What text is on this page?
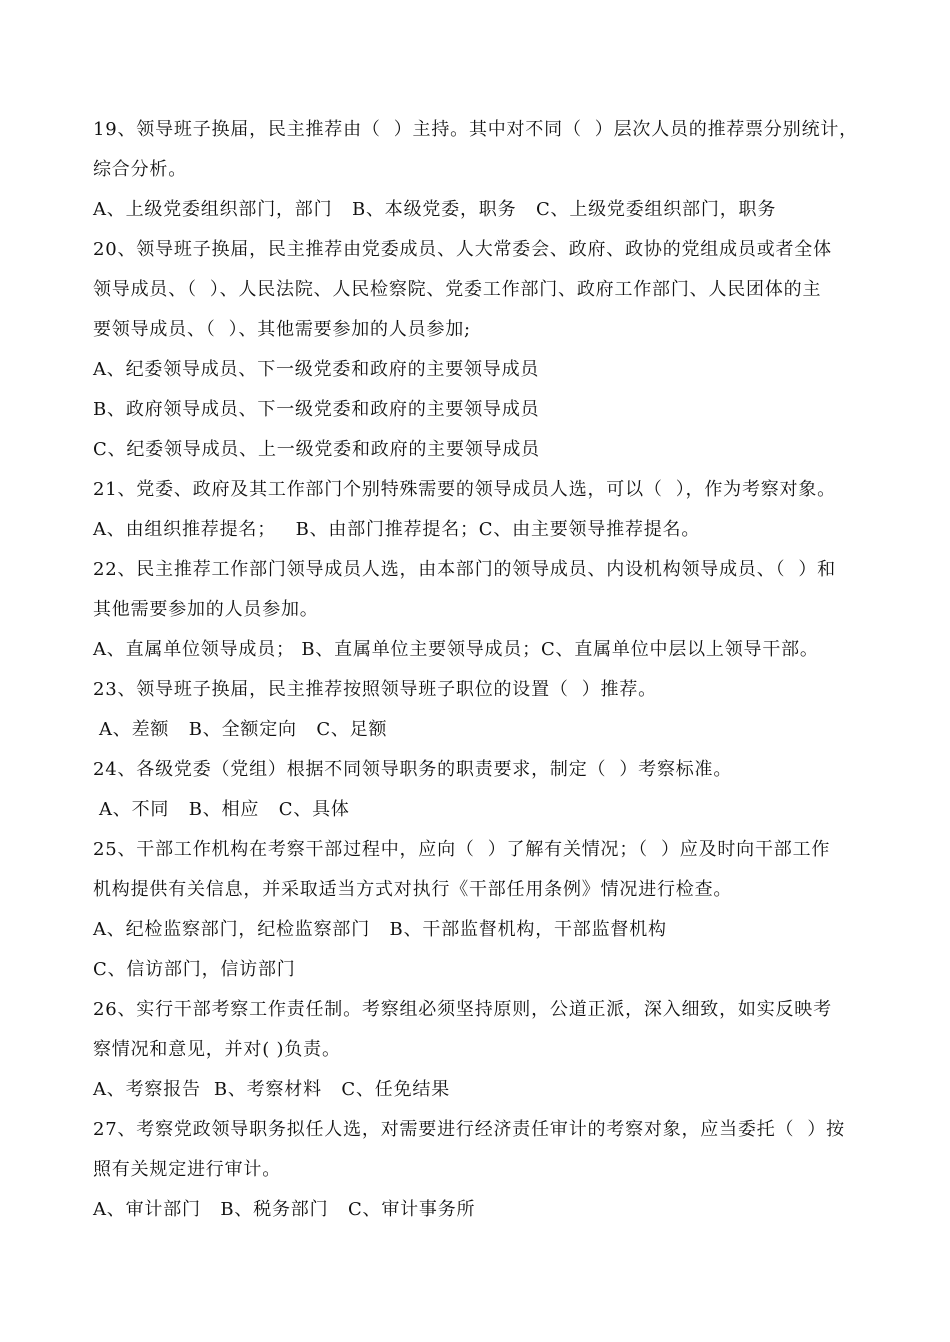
19、领导班子换届，民主推荐由（  ）主持。其中对不同（  ）层次人员的推荐票分别统计，
综合分析。
A、上级党委组织部门，部门   B、本级党委，职务   C、上级党委组织部门，职务
20、领导班子换届，民主推荐由党委成员、人大常委会、政府、政协的党组成员或者全体
领导成员、（  ）、人民法院、人民检察院、党委工作部门、政府工作部门、人民团体的主
要领导成员、（  ）、其他需要参加的人员参加;
A、纪委领导成员、下一级党委和政府的主要领导成员
B、政府领导成员、下一级党委和政府的主要领导成员
C、纪委领导成员、上一级党委和政府的主要领导成员
21、党委、政府及其工作部门个别特殊需要的领导成员人选，可以（  ），作为考察对象。
A、由组织推荐提名；   B、由部门推荐提名；C、由主要领导推荐提名。
22、民主推荐工作部门领导成员人选，由本部门的领导成员、内设机构领导成员、（  ）和
其他需要参加的人员参加。
A、直属单位领导成员； B、直属单位主要领导成员；C、直属单位中层以上领导干部。
23、领导班子换届，民主推荐按照领导班子职位的设置（  ）推荐。
A、差额   B、全额定向   C、足额
24、各级党委（党组）根据不同领导职务的职责要求，制定（  ）考察标准。
A、不同   B、相应   C、具体
25、干部工作机构在考察干部过程中，应向（  ）了解有关情况；（  ）应及时向干部工作
机构提供有关信息，并采取适当方式对执行《干部任用条例》情况进行检查。
A、纪检监察部门，纪检监察部门   B、干部监督机构，干部监督机构
C、信访部门，信访部门
26、实行干部考察工作责任制。考察组必须坚持原则，公道正派，深入细致，如实反映考
察情况和意见，并对( )负责。
A、考察报告  B、考察材料   C、任免结果
27、考察党政领导职务拟任人选，对需要进行经济责任审计的考察对象，应当委托（  ）按
照有关规定进行审计。
A、审计部门   B、税务部门   C、审计事务所
